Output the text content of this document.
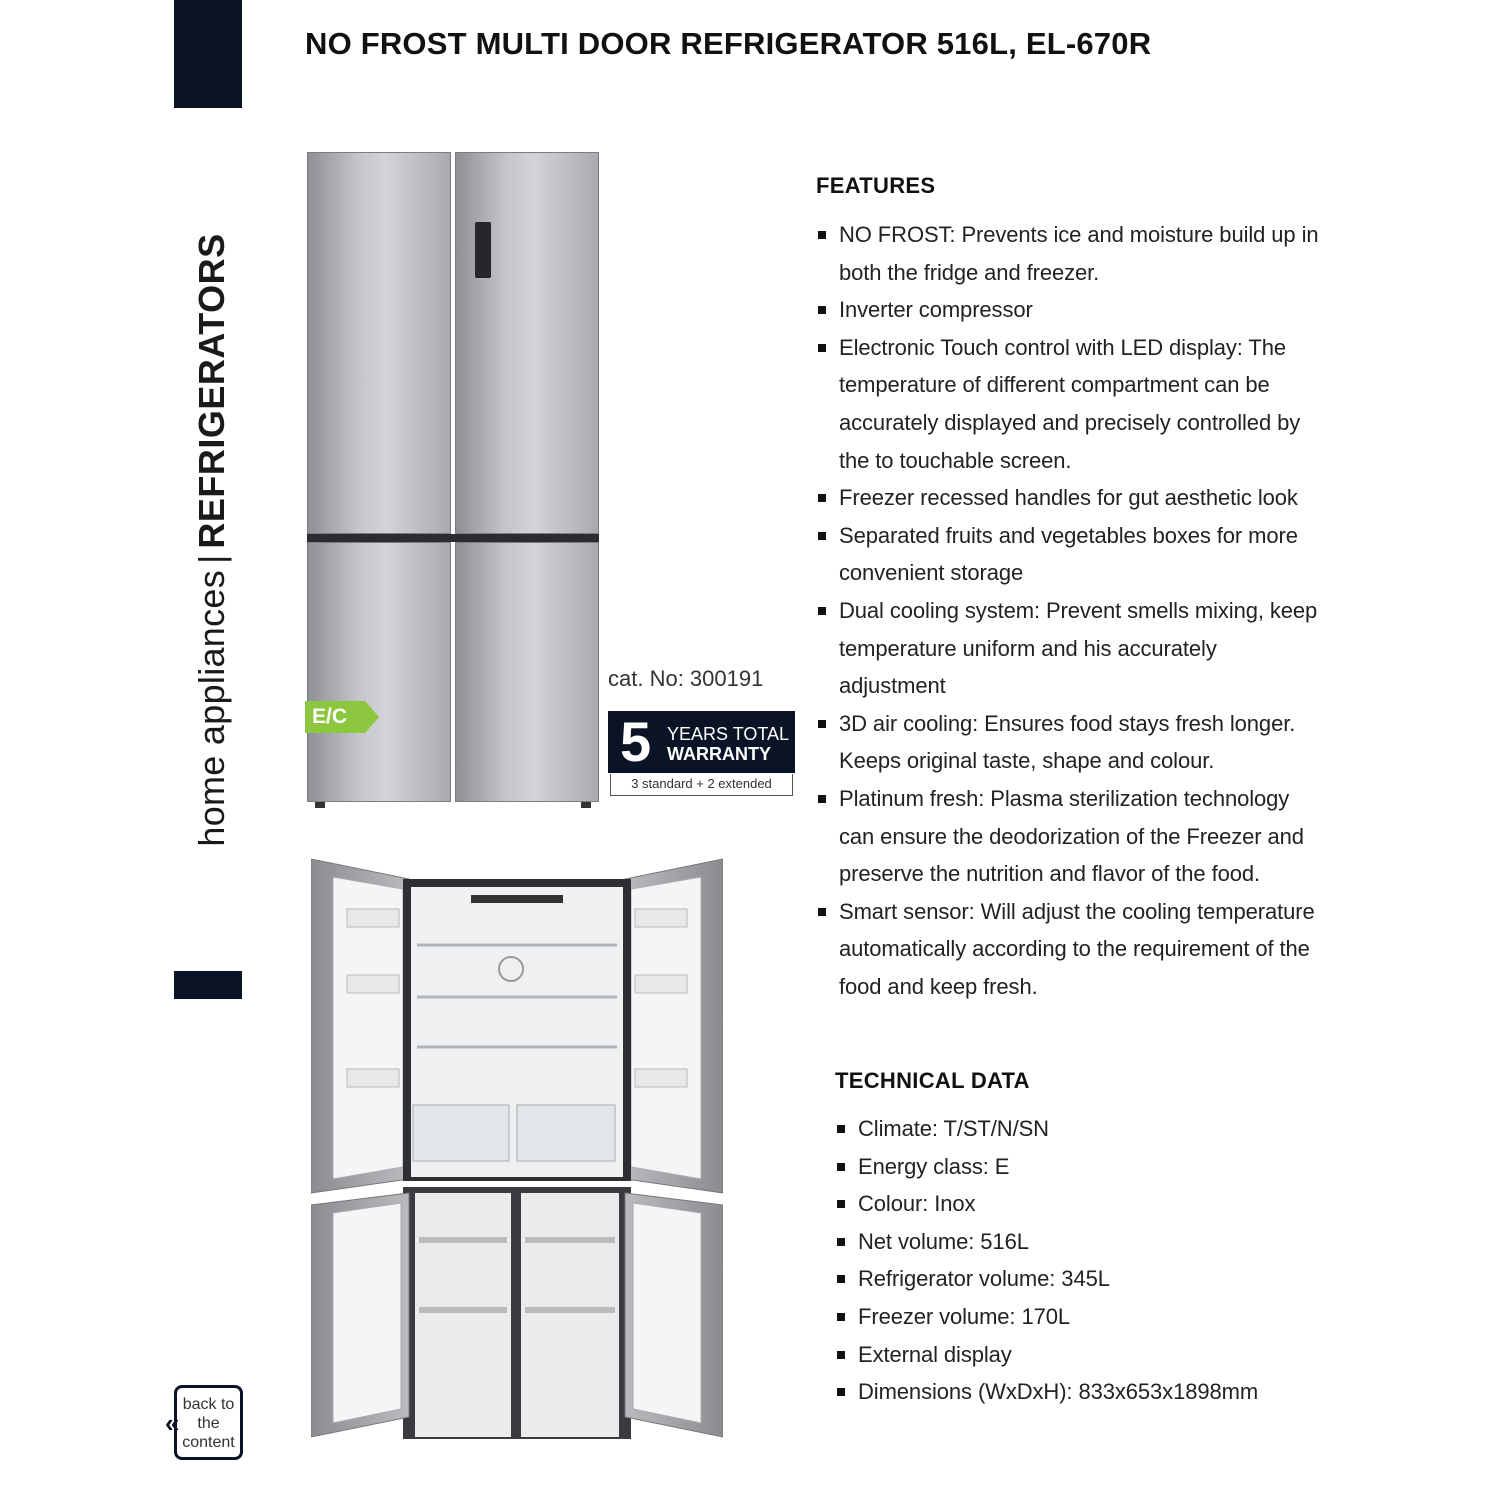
home appliances|REFRIGERATORS
back to
the
content
«
NO FROST MULTI DOOR REFRIGERATOR 516L, EL-670R
E/C
cat. No: 300191
5 YEARS TOTAL
WARRANTY
3 standard + 2 extended
FEATURES
NO FROST: Prevents ice and moisture build up in both the fridge and freezer.
Inverter compressor
Electronic Touch control with LED display: The temperature of different compartment can be accurately displayed and precisely controlled by the to touchable screen.
Freezer recessed handles for gut aesthetic look
Separated fruits and vegetables boxes for more convenient storage
Dual cooling system: Prevent smells mixing, keep temperature uniform and his accurately adjustment
3D air cooling: Ensures food stays fresh longer. Keeps original taste, shape and colour.
Platinum fresh: Plasma sterilization technology can ensure the deodorization of the Freezer and preserve the nutrition and flavor of the food.
Smart sensor: Will adjust the cooling temperature automatically according to the requirement of the food and keep fresh.
TECHNICAL DATA
Climate: T/ST/N/SN
Energy class: E
Colour: Inox
Net volume: 516L
Refrigerator volume: 345L
Freezer volume: 170L
External display
Dimensions (WxDxH): 833x653x1898mm
